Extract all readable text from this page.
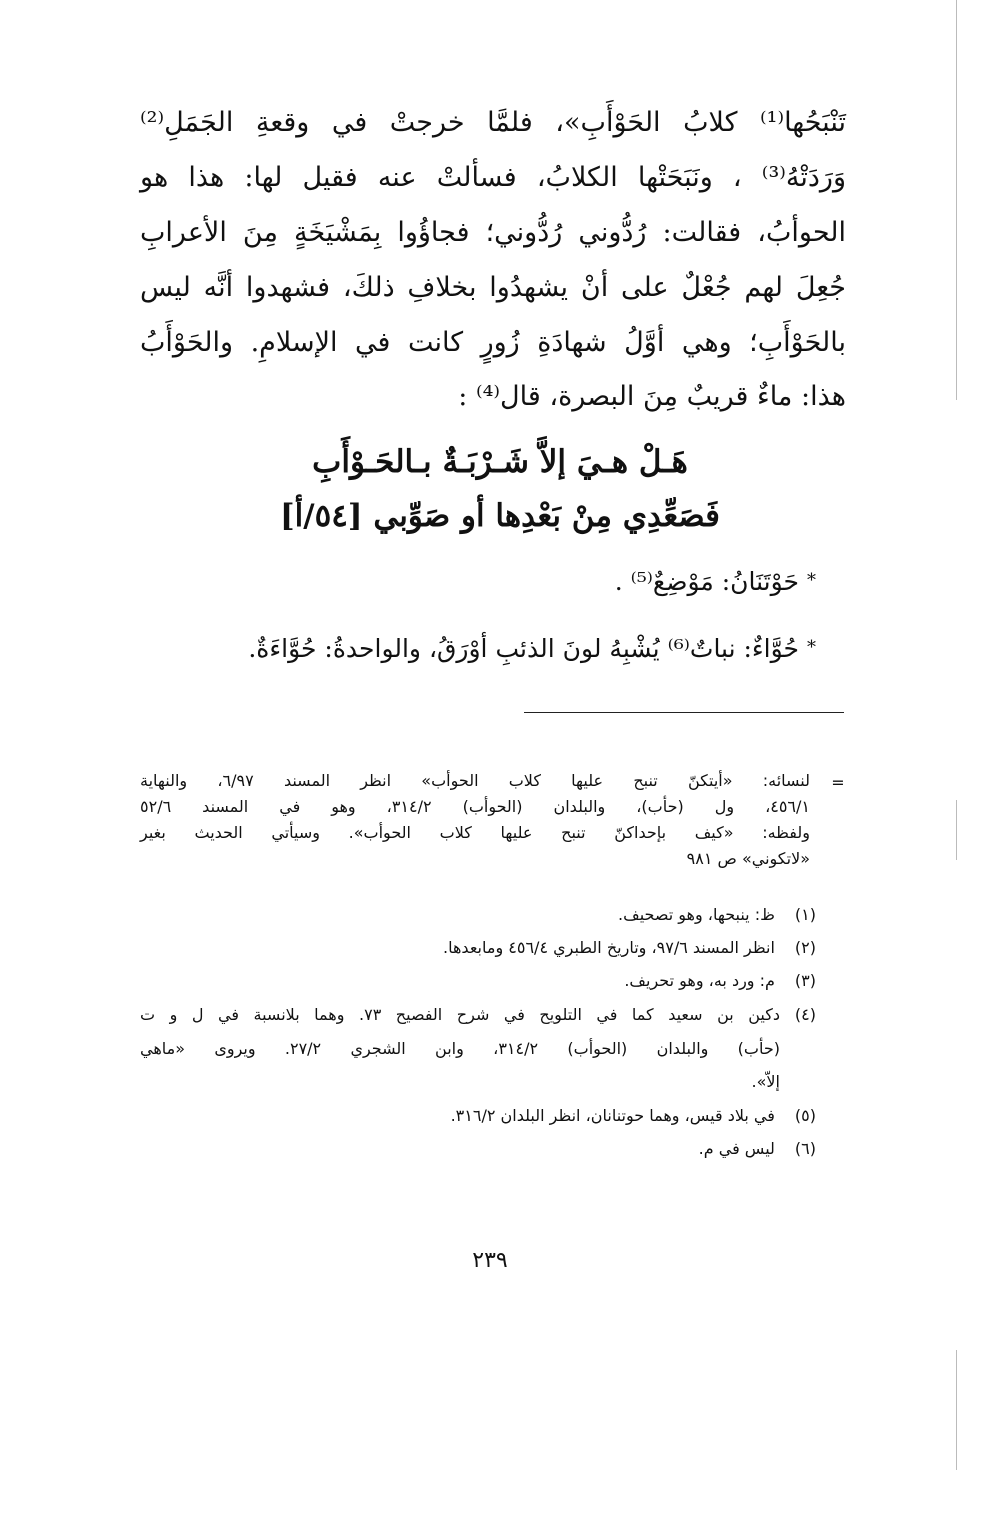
تَنْبَحُها⁽¹⁾ كلابُ الحَوْأَبِ»، فلمَّا خرجتْ في وقعةِ الجَمَلِ⁽²⁾
وَرَدَتْهُ⁽³⁾ ، ونَبَحَتْها الكلابُ، فسألتْ عنه فقيل لها: هذا هو
الحوأبُ، فقالت: رُدُّوني رُدُّوني؛ فجاؤُوا بِمَشْيَخَةٍ مِنَ الأعرابِ
جُعِلَ لهم جُعْلٌ على أنْ يشهدُوا بخلافِ ذلكَ، فشهدوا أنَّه ليس
بالحَوْأَبِ؛ وهي أوَّلُ شهادَةِ زُورٍ كانت في الإسلامِ. والحَوْأَبُ
هذا: ماءٌ قريبٌ مِنَ البصرة، قال⁽⁴⁾ :
هَـلْ هـيَ إلاَّ شَـرْبَـةٌ بـالحَـوْأَبِ
فَصَعِّدِي مِنْ بَعْدِها أو صَوِّبي [٥٤/أ]
*حَوْتَنَانُ: مَوْضِعٌ⁽⁵⁾ .
*حُوَّاءٌ: نباتٌ⁽⁶⁾ يُشْبِهُ لونَ الذئبِ أوْرَقُ، والواحدةُ: حُوَّاءَةٌ.
=
لنسائه: «أيتكنّ تنبح عليها كلاب الحوأب» انظر المسند ٦/٩٧، والنهاية
٤٥٦/١، ول (حأب)، والبلدان (الحوأب) ٣١٤/٢، وهو في المسند ٥٢/٦
ولفظه: «كيف بإحداكنّ تنبح عليها كلاب الحوأب». وسيأتي الحديث بغير
«لاتكوني» ص ٩٨١
(١) ظ: ينبحها، وهو تصحيف.
(٢) انظر المسند ٩٧/٦، وتاريخ الطبري ٤٥٦/٤ ومابعدها.
(٣) م: ورد به، وهو تحريف.
(٤)
دكين بن سعيد كما في التلويح في شرح الفصيح ٧٣. وهما بلانسبة في ل و ت
(حأب) والبلدان (الحوأب) ٣١٤/٢، وابن الشجري ٢٧/٢. ويروى «ماهي
إلاّ».
(٥) في بلاد قيس، وهما حوتنانان، انظر البلدان ٣١٦/٢.
(٦) ليس في م.
٢٣٩
